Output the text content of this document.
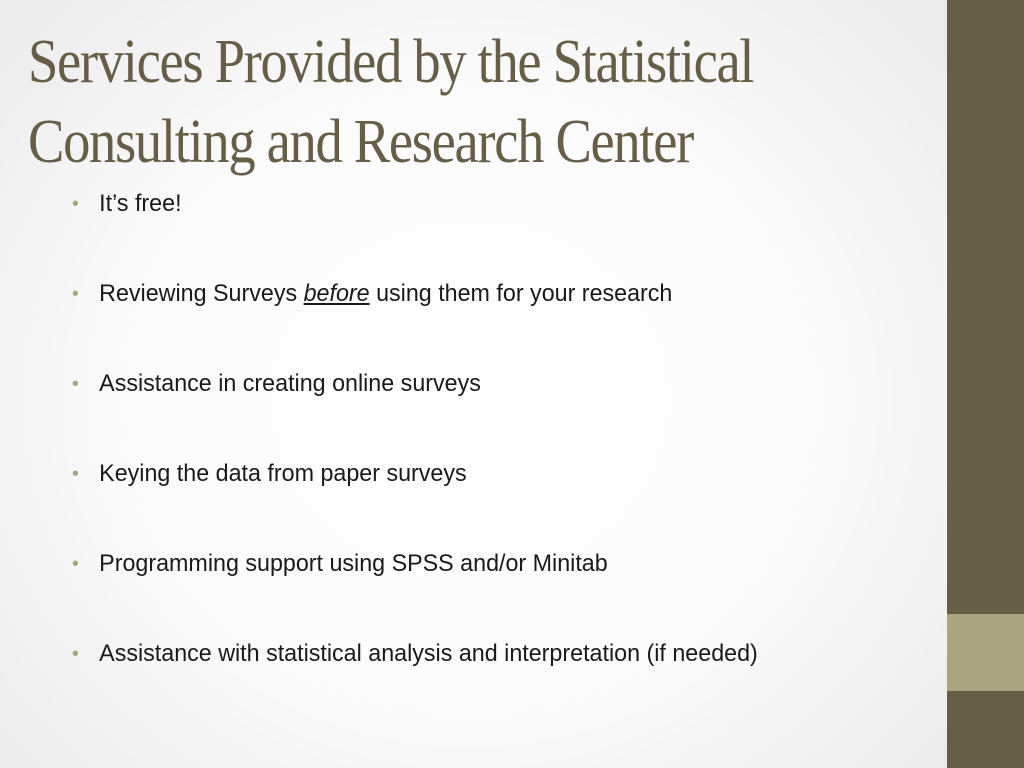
Services Provided by the Statistical
Consulting and Research Center
• It’s free!
• Reviewing Surveys before using them for your research
• Assistance in creating online surveys
• Keying the data from paper surveys
• Programming support using SPSS and/or Minitab
• Assistance with statistical analysis and interpretation (if needed)
